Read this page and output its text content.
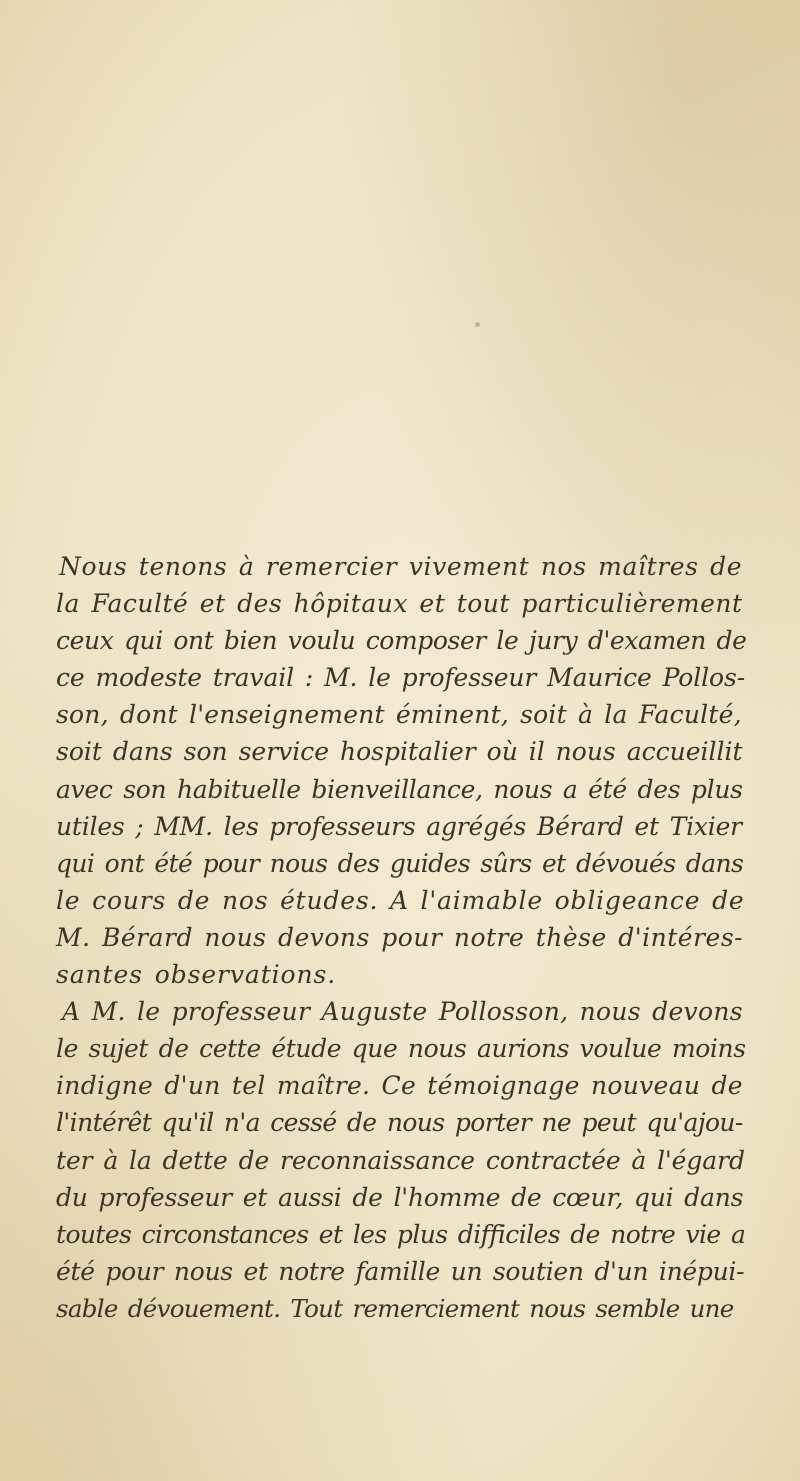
Nous tenons à remercier vivement nos maîtres de
la Faculté et des hôpitaux et tout particulièrement
ceux qui ont bien voulu composer le jury d'examen de
ce modeste travail : M. le professeur Maurice Pollos-
son, dont l'enseignement éminent, soit à la Faculté,
soit dans son service hospitalier où il nous accueillit
avec son habituelle bienveillance, nous a été des plus
utiles ; MM. les professeurs agrégés Bérard et Tixier
qui ont été pour nous des guides sûrs et dévoués dans
le cours de nos études. A l'aimable obligeance de
M. Bérard nous devons pour notre thèse d'intéres-
santes observations.
A M. le professeur Auguste Pollosson, nous devons
le sujet de cette étude que nous aurions voulue moins
indigne d'un tel maître. Ce témoignage nouveau de
l'intérêt qu'il n'a cessé de nous porter ne peut qu'ajou-
ter à la dette de reconnaissance contractée à l'égard
du professeur et aussi de l'homme de cœur, qui dans
toutes circonstances et les plus difficiles de notre vie a
été pour nous et notre famille un soutien d'un inépui-
sable dévouement. Tout remerciement nous semble une
